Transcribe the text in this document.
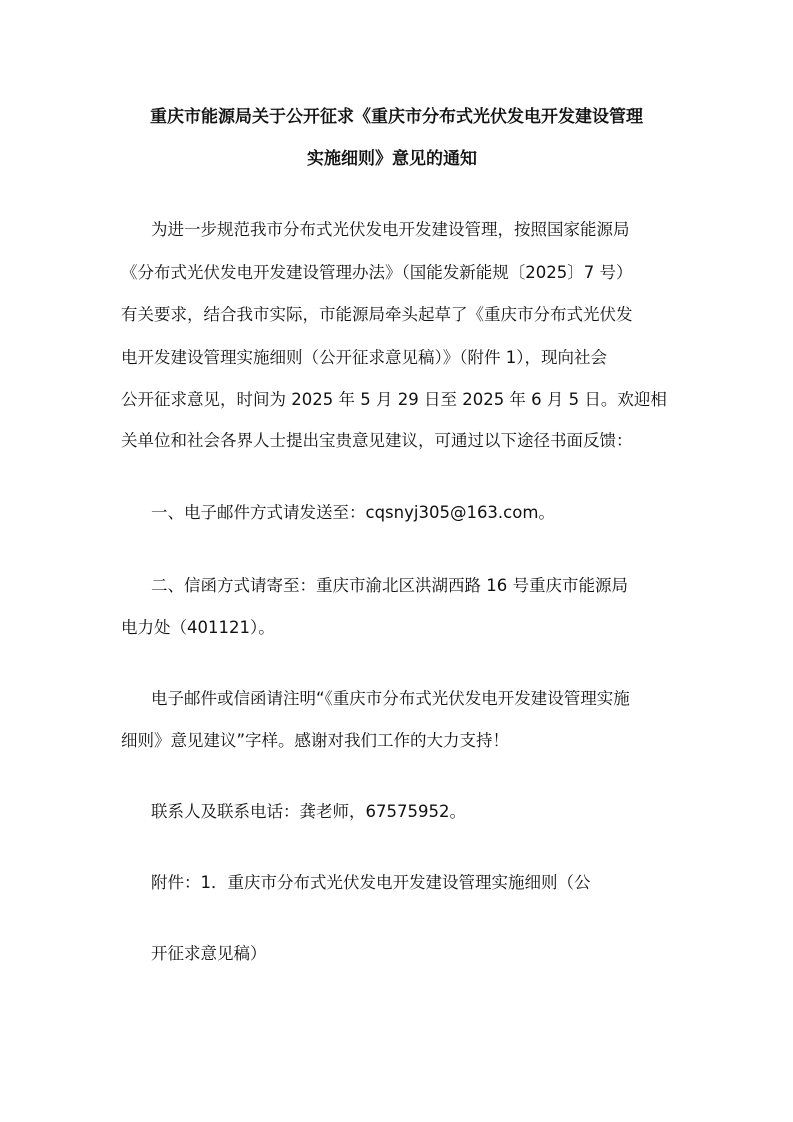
重庆市能源局关于公开征求《重庆市分布式光伏发电开发建设管理
实施细则》意见的通知
为进一步规范我市分布式光伏发电开发建设管理，按照国家能源局
《分布式光伏发电开发建设管理办法》（国能发新能规〔2025〕7 号）
有关要求，结合我市实际，市能源局牵头起草了《重庆市分布式光伏发
电开发建设管理实施细则（公开征求意见稿）》（附件 1），现向社会
公开征求意见，时间为 2025 年 5 月 29 日至 2025 年 6 月 5 日。欢迎相
关单位和社会各界人士提出宝贵意见建议，可通过以下途径书面反馈：
一、电子邮件方式请发送至：cqsnyj305@163.com。
二、信函方式请寄至：重庆市渝北区洪湖西路 16 号重庆市能源局
电力处（401121）。
电子邮件或信函请注明“《重庆市分布式光伏发电开发建设管理实施
细则》意见建议”字样。感谢对我们工作的大力支持！
联系人及联系电话：龚老师，67575952。
附件：1．重庆市分布式光伏发电开发建设管理实施细则（公
开征求意见稿）
